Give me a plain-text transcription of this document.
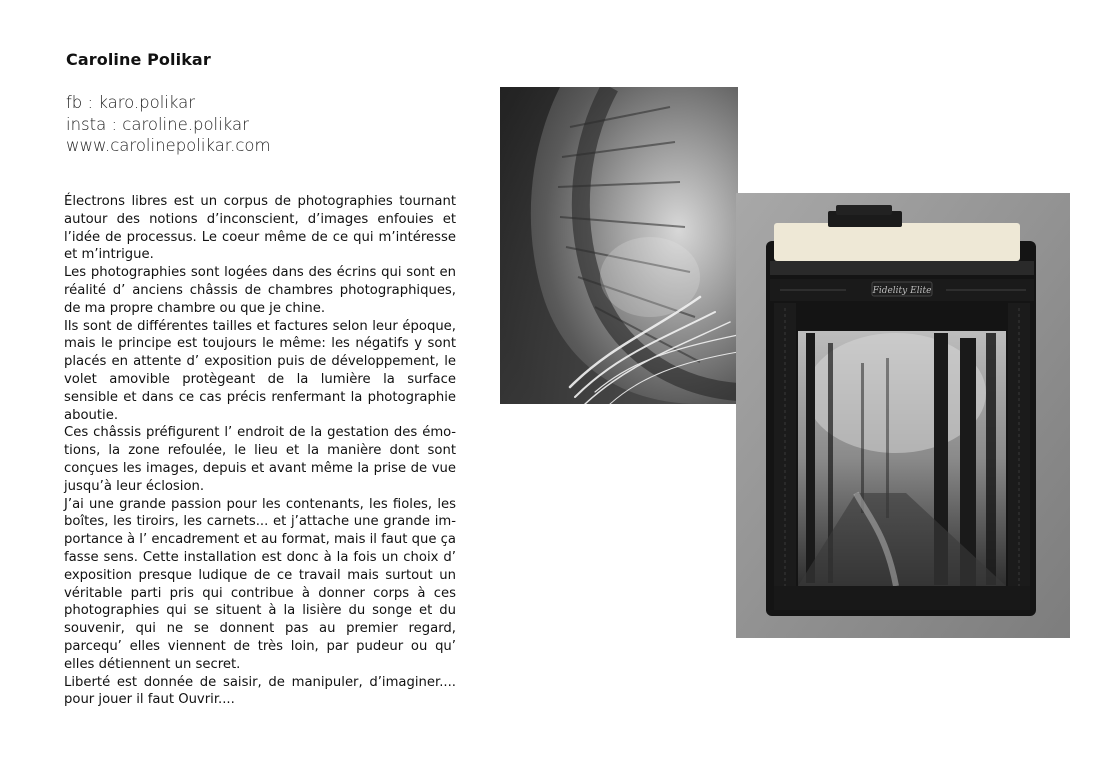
Caroline Polikar
fb : karo.polikar
insta : caroline.polikar
www.carolinepolikar.com

Électrons libres est un corpus de photographies tournant autour des notions d’inconscient, d’images enfouies et l’idée de processus. Le coeur même de ce qui m’intéresse et m’intrigue.

Les photographies sont logées dans des écrins qui sont en réalité d’ anciens châssis de chambres photographiques, de ma propre chambre ou que je chine.

Ils sont de différentes tailles et factures selon leur époque, mais le principe est toujours le même: les négatifs y sont placés en attente d’ exposition puis de développement, le volet amovible protègeant de la lumière la surface sensible et dans ce cas précis renfermant la photographie aboutie.

Ces châssis préfigurent l’ endroit de la gestation des émotions, la zone refoulée, le lieu et la manière dont sont conçues les images, depuis et avant même la prise de vue jusqu’à leur éclosion.

J’ai une grande passion pour les contenants, les fioles, les boîtes, les tiroirs, les carnets... et j’attache une grande importance à l’ encadrement et au format, mais il faut que ça fasse sens. Cette installation est donc à la fois un choix d’ exposition presque ludique de ce travail mais surtout un véritable parti pris qui contribue à donner corps à ces photographies qui se situent à la lisière du songe et du souvenir, qui ne se donnent pas au premier regard, parcequ’ elles viennent de très loin, par pudeur ou qu’ elles détiennent un secret.

Liberté est donnée de saisir, de manipuler, d’imaginer.... pour jouer il faut Ouvrir....

Fidelity Elite
